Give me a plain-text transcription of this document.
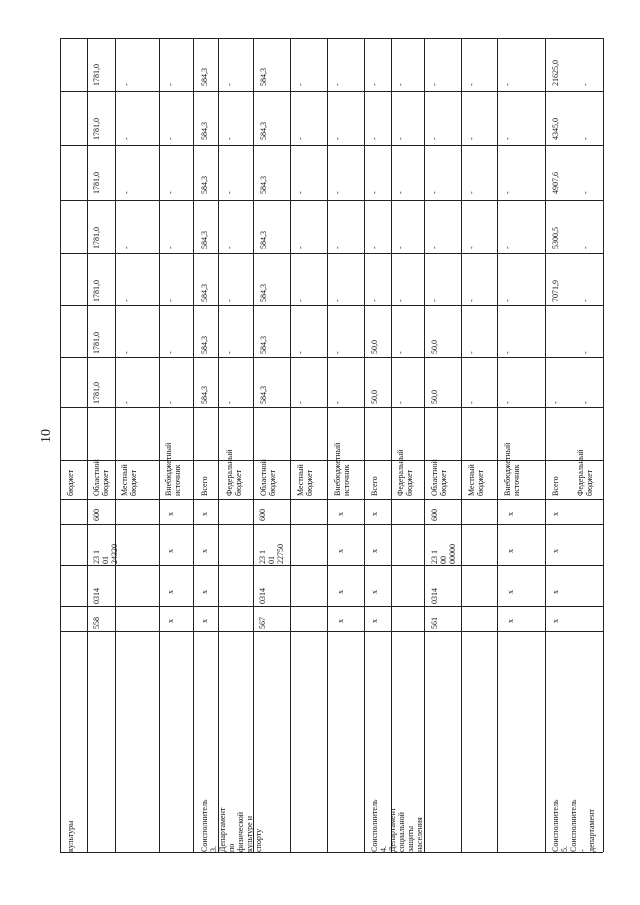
10
культуры
558
0314
23 1 01
24320
600
бюджет Областной
бюджет Местный
бюджет	Внебюджетный
источник
1781,0
1781,0
1781,0
1781,0
1781,0
1781,0
1781,0
-
-
-
-
-
-
-
-
-
-
-
-
-
-
x
x
x
x
Соисполнитель 3.
Департамент по
физической
культуре и спорту
x
x
x
x
567
0314
23 1 01
22750
600
x
x
x
x
Всего Федеральный
бюджет Областной
бюджет Местный
бюджет Внебюджетный
источник
584,3
584,3
584,3
584,3
584,3
584,3
584,3
-
-
-
-
-
-
-
584,3
584,3
584,3
584,3
584,3
584,3
584,3
-
-
-
-
-
-
-
-
-
-
-
-
-
-
Соисполнитель 4.
Департамент
социальной защиты
населения
x
x
x
x
561
0314
23 1 00
00000
600
x
x
x
x
Всего Федеральный
бюджет Областной
бюджет Местный
бюджет Внебюджетный
источник
50,0
50,0
-
-
-
-
-
-
-
-
-
-
-
-
50,0
50,0
-
-
-
-
-
-
-
-
-
-
-
-
-
-
-
-
-
-
-
Соисполнитель 5.
Соисполнитель -
департамент
x
x
x
x
Всего Федеральный
бюджет
-
7071,9
5300,5
4907,6
4345,0
21625,0
-
-
-
-
-
-
-
